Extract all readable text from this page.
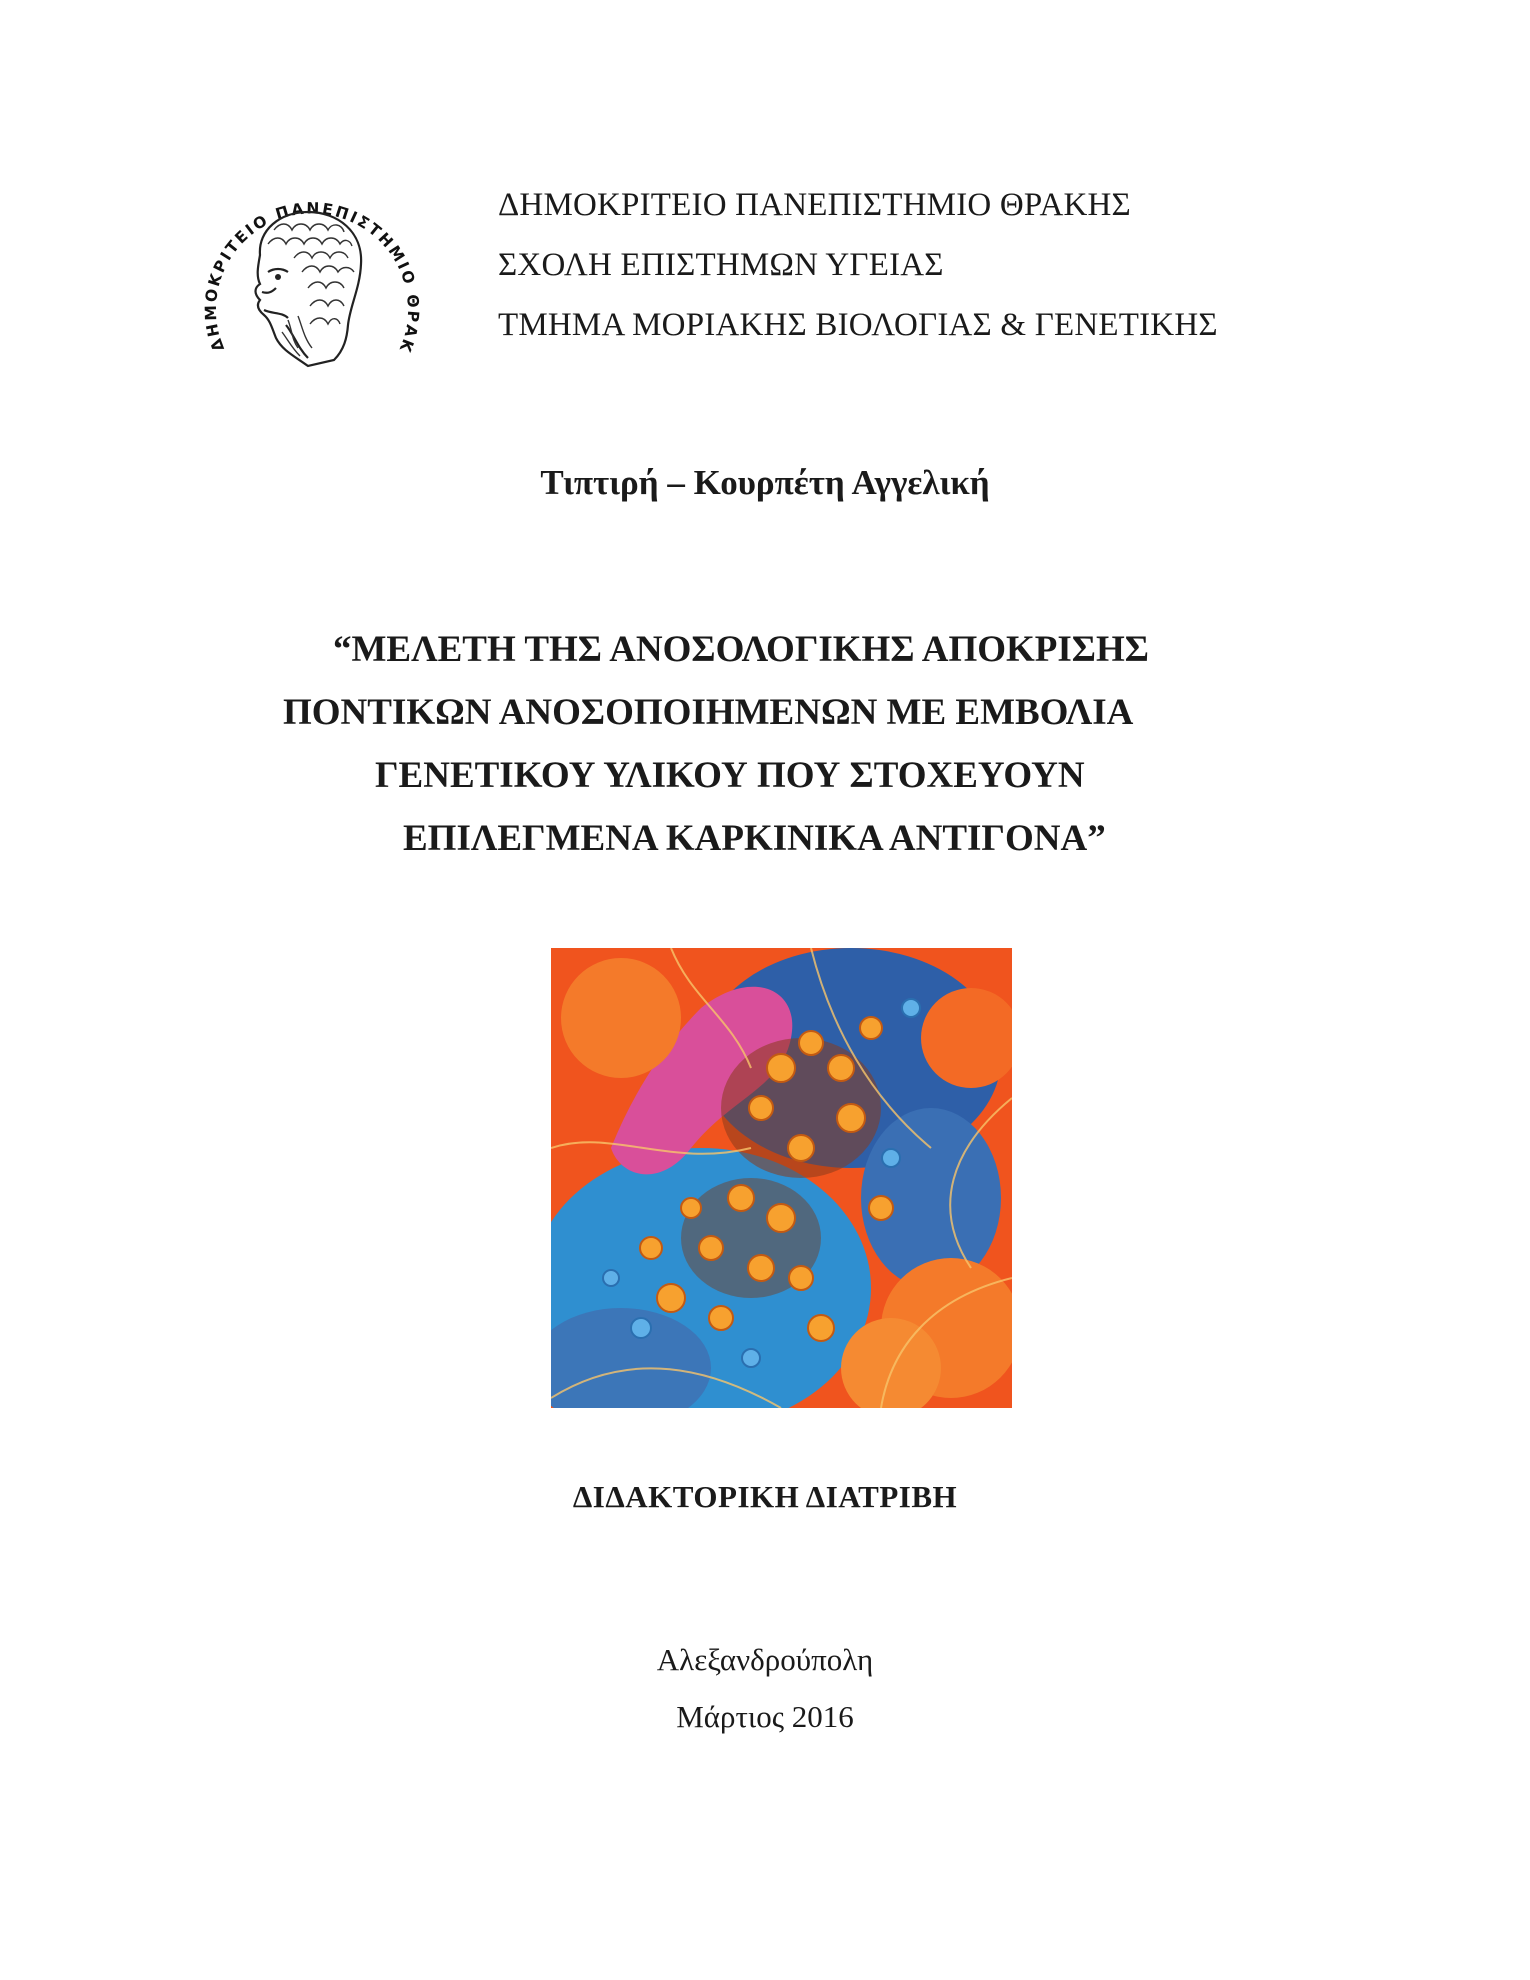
ΔΗΜΟΚΡΙΤΕΙΟ ΠΑΝΕΠΙΣΤΗΜΙΟ ΘΡΑΚ
ΔΗΜΟΚΡΙΤΕΙΟ ΠΑΝΕΠΙΣΤΗΜΙΟ ΘΡΑΚΗΣ
ΣΧΟΛΗ ΕΠΙΣΤΗΜΩΝ ΥΓΕΙΑΣ
ΤΜΗΜΑ ΜΟΡΙΑΚΗΣ ΒΙΟΛΟΓΙΑΣ & ΓΕΝΕΤΙΚΗΣ
Τιπτιρή – Κουρπέτη Αγγελική
“ΜΕΛΕΤΗ ΤΗΣ ΑΝΟΣΟΛΟΓΙΚΗΣ ΑΠΟΚΡΙΣΗΣ
ΠΟΝΤΙΚΩΝ ΑΝΟΣΟΠΟΙΗΜΕΝΩΝ ΜΕ ΕΜΒΟΛΙΑ
ΓΕΝΕΤΙΚΟΥ ΥΛΙΚΟΥ ΠΟΥ ΣΤΟΧΕΥΟΥΝ
ΕΠΙΛΕΓΜΕΝΑ ΚΑΡΚΙΝΙΚΑ ΑΝΤΙΓΟΝΑ”
ΔΙΔΑΚΤΟΡΙΚΗ ΔΙΑΤΡΙΒΗ
Αλεξανδρούπολη
Μάρτιος 2016
